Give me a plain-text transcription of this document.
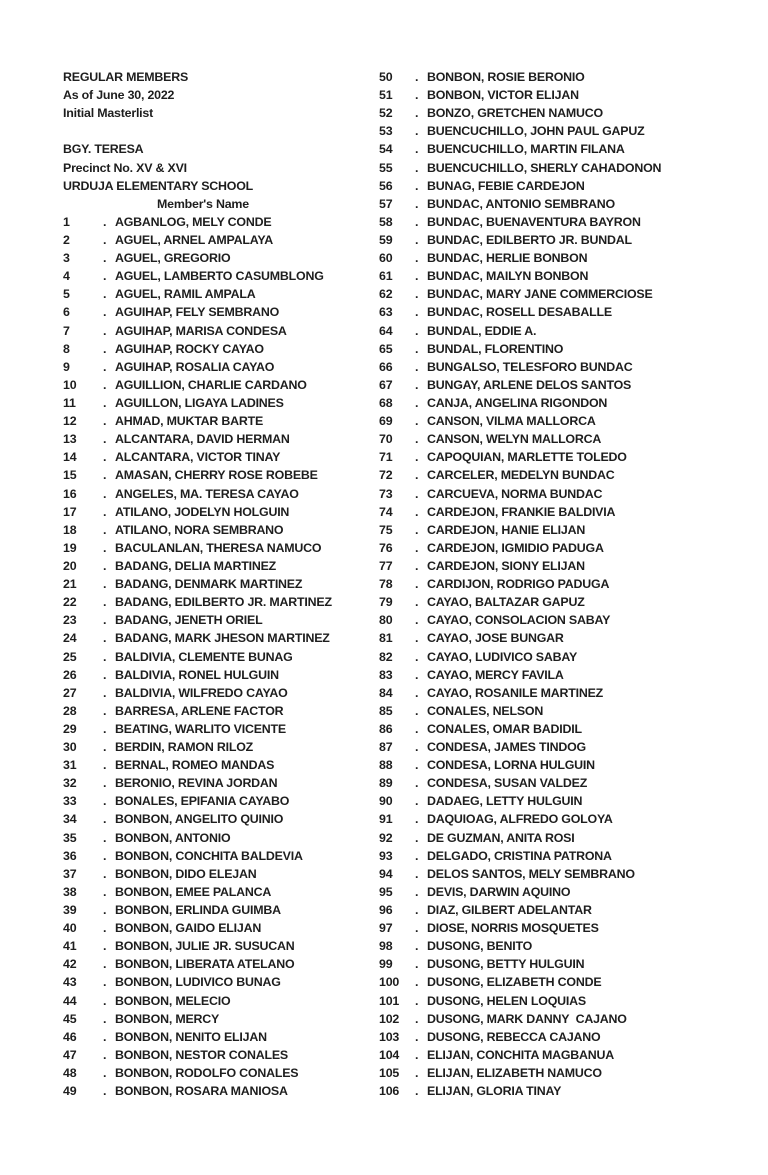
REGULAR MEMBERS
As of June 30, 2022
Initial Masterlist
BGY. TERESA
Precinct No. XV & XVI
URDUJA ELEMENTARY SCHOOL
Member's Name
1	. AGBANLOG, MELY CONDE
2	. AGUEL, ARNEL AMPALAYA
3	. AGUEL, GREGORIO
4	. AGUEL, LAMBERTO CASUMBLONG
5	. AGUEL, RAMIL AMPALA
6	. AGUIHAP, FELY SEMBRANO
7	. AGUIHAP, MARISA CONDESA
8	. AGUIHAP, ROCKY CAYAO
9	. AGUIHAP, ROSALIA CAYAO
10	. AGUILLION, CHARLIE CARDANO
11	. AGUILLON, LIGAYA LADINES
12	. AHMAD, MUKTAR BARTE
13	. ALCANTARA, DAVID HERMAN
14	. ALCANTARA, VICTOR TINAY
15	. AMASAN, CHERRY ROSE ROBEBE
16	. ANGELES, MA. TERESA CAYAO
17	. ATILANO, JODELYN HOLGUIN
18	. ATILANO, NORA SEMBRANO
19	. BACULANLAN, THERESA NAMUCO
20	. BADANG, DELIA MARTINEZ
21	. BADANG, DENMARK MARTINEZ
22	. BADANG, EDILBERTO JR. MARTINEZ
23	. BADANG, JENETH ORIEL
24	. BADANG, MARK JHESON MARTINEZ
25	. BALDIVIA, CLEMENTE BUNAG
26	. BALDIVIA, RONEL HULGUIN
27	. BALDIVIA, WILFREDO CAYAO
28	. BARRESA, ARLENE FACTOR
29	. BEATING, WARLITO VICENTE
30	. BERDIN, RAMON RILOZ
31	. BERNAL, ROMEO MANDAS
32	. BERONIO, REVINA JORDAN
33	. BONALES, EPIFANIA CAYABO
34	. BONBON, ANGELITO QUINIO
35	. BONBON, ANTONIO
36	. BONBON, CONCHITA BALDEVIA
37	. BONBON, DIDO ELEJAN
38	. BONBON, EMEE PALANCA
39	. BONBON, ERLINDA GUIMBA
40	. BONBON, GAIDO ELIJAN
41	. BONBON, JULIE JR. SUSUCAN
42	. BONBON, LIBERATA ATELANO
43	. BONBON, LUDIVICO BUNAG
44	. BONBON, MELECIO
45	. BONBON, MERCY
46	. BONBON, NENITO ELIJAN
47	. BONBON, NESTOR CONALES
48	. BONBON, RODOLFO CONALES
49	. BONBON, ROSARA MANIOSA
50	. BONBON, ROSIE BERONIO
51	. BONBON, VICTOR ELIJAN
52	. BONZO, GRETCHEN NAMUCO
53	. BUENCUCHILLO, JOHN PAUL GAPUZ
54	. BUENCUCHILLO, MARTIN FILANA
55	. BUENCUCHILLO, SHERLY CAHADONON
56	. BUNAG, FEBIE CARDEJON
57	. BUNDAC, ANTONIO SEMBRANO
58	. BUNDAC, BUENAVENTURA BAYRON
59	. BUNDAC, EDILBERTO JR. BUNDAL
60	. BUNDAC, HERLIE BONBON
61	. BUNDAC, MAILYN BONBON
62	. BUNDAC, MARY JANE COMMERCIOSE
63	. BUNDAC, ROSELL DESABALLE
64	. BUNDAL, EDDIE A.
65	. BUNDAL, FLORENTINO
66	. BUNGALSO, TELESFORO BUNDAC
67	. BUNGAY, ARLENE DELOS SANTOS
68	. CANJA, ANGELINA RIGONDON
69	. CANSON, VILMA MALLORCA
70	. CANSON, WELYN MALLORCA
71	. CAPOQUIAN, MARLETTE TOLEDO
72	. CARCELER, MEDELYN BUNDAC
73	. CARCUEVA, NORMA BUNDAC
74	. CARDEJON, FRANKIE BALDIVIA
75	. CARDEJON, HANIE ELIJAN
76	. CARDEJON, IGMIDIO PADUGA
77	. CARDEJON, SIONY ELIJAN
78	. CARDIJON, RODRIGO PADUGA
79	. CAYAO, BALTAZAR GAPUZ
80	. CAYAO, CONSOLACION SABAY
81	. CAYAO, JOSE BUNGAR
82	. CAYAO, LUDIVICO SABAY
83	. CAYAO, MERCY FAVILA
84	. CAYAO, ROSANILE MARTINEZ
85	. CONALES, NELSON
86	. CONALES, OMAR BADIDIL
87	. CONDESA, JAMES TINDOG
88	. CONDESA, LORNA HULGUIN
89	. CONDESA, SUSAN VALDEZ
90	. DADAEG, LETTY HULGUIN
91	. DAQUIOAG, ALFREDO GOLOYA
92	. DE GUZMAN, ANITA ROSI
93	. DELGADO, CRISTINA PATRONA
94	. DELOS SANTOS, MELY SEMBRANO
95	. DEVIS, DARWIN AQUINO
96	. DIAZ, GILBERT ADELANTAR
97	. DIOSE, NORRIS MOSQUETES
98	. DUSONG, BENITO
99	. DUSONG, BETTY HULGUIN
100	. DUSONG, ELIZABETH CONDE
101	. DUSONG, HELEN LOQUIAS
102	. DUSONG, MARK DANNY  CAJANO
103	. DUSONG, REBECCA CAJANO
104	. ELIJAN, CONCHITA MAGBANUA
105	. ELIJAN, ELIZABETH NAMUCO
106	. ELIJAN, GLORIA TINAY
